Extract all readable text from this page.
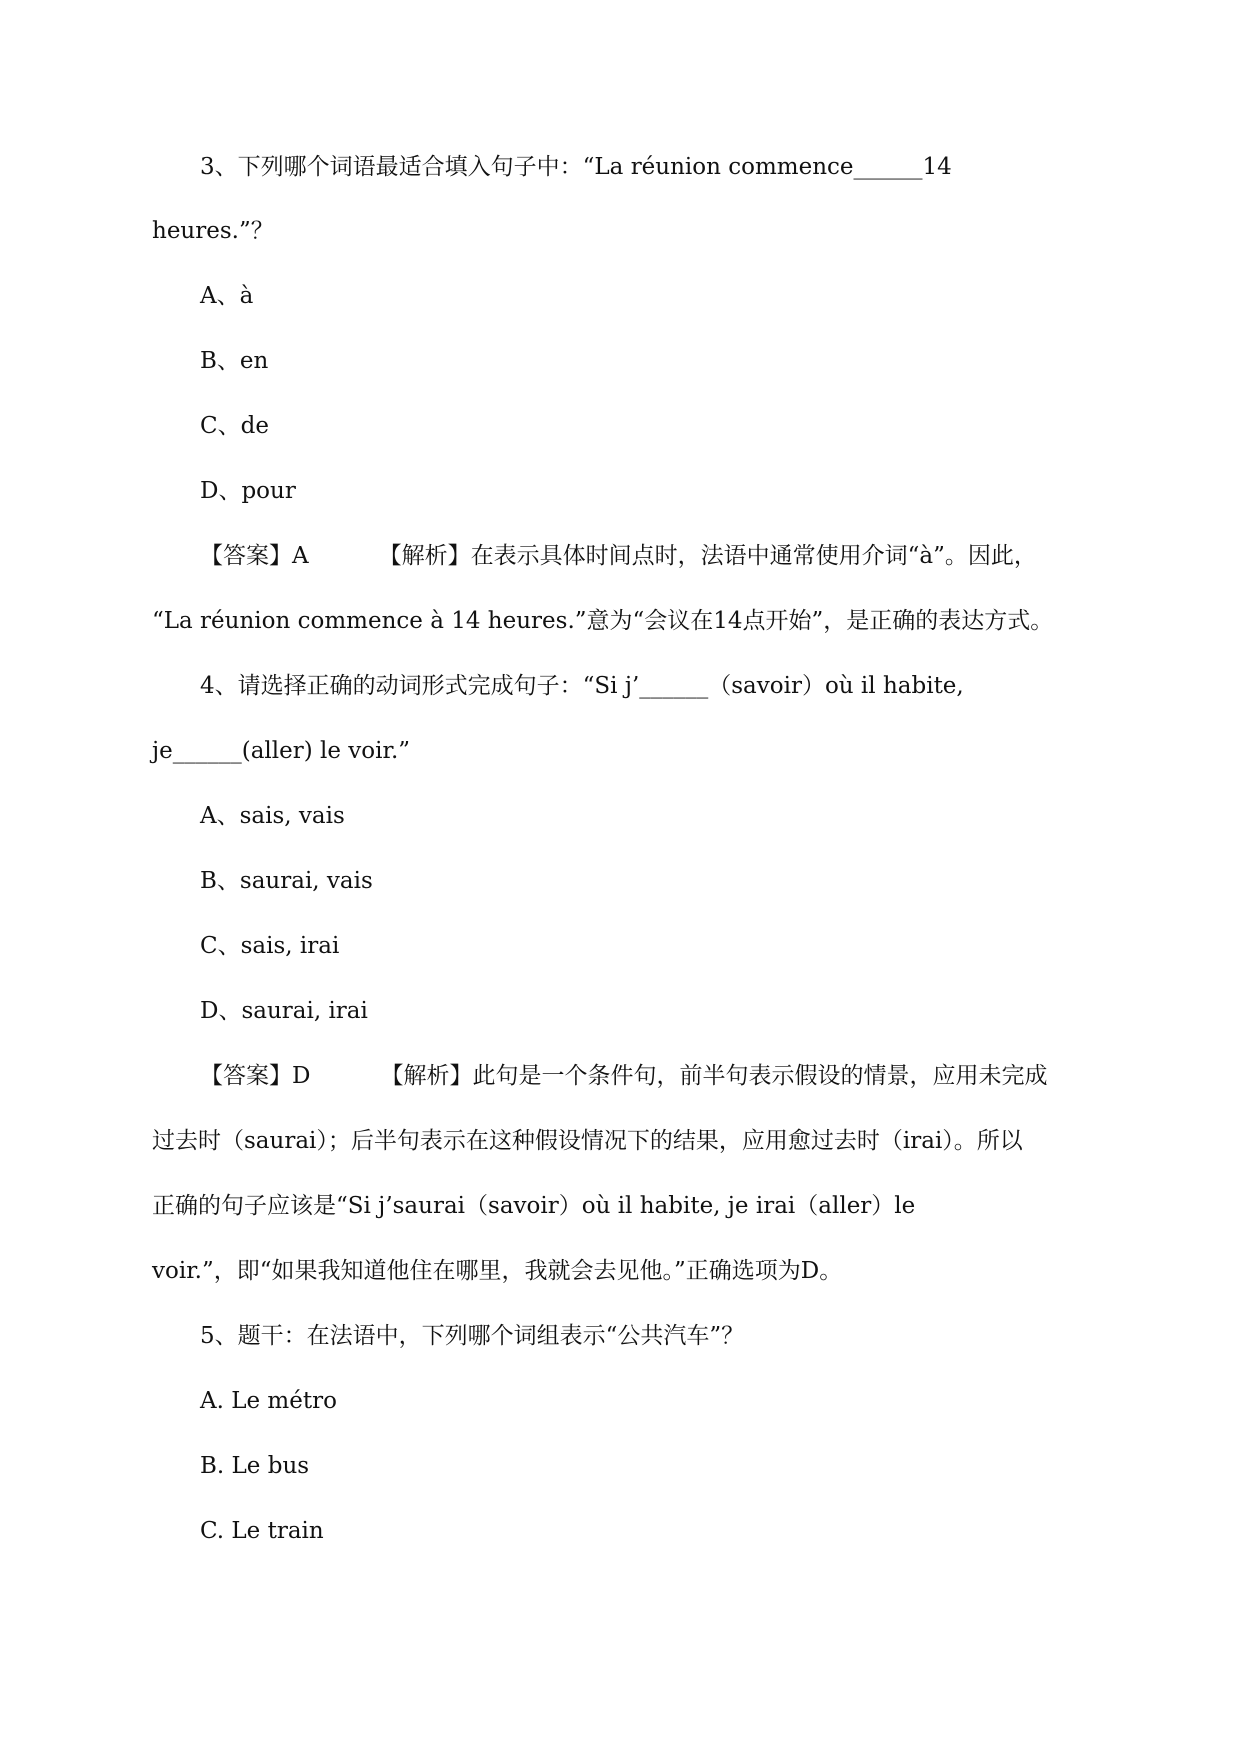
3、下列哪个词语最适合填入句子中：“La réunion commence______14
heures.”？
A、à
B、en
C、de
D、pour
【答案】A	【解析】在表示具体时间点时，法语中通常使用介词“à”。因此，
“La réunion commence à 14 heures.”意为“会议在14点开始”，是正确的表达方式。
4、请选择正确的动词形式完成句子：“Si j’______（savoir）où il habite,
je______(aller) le voir.”
A、sais, vais
B、saurai, vais
C、sais, irai
D、saurai, irai
【答案】D	【解析】此句是一个条件句，前半句表示假设的情景，应用未完成
过去时（saurai）；后半句表示在这种假设情况下的结果，应用愈过去时（irai）。所以
正确的句子应该是“Si j’saurai（savoir）où il habite, je irai（aller）le
voir.”，即“如果我知道他住在哪里，我就会去见他。”正确选项为D。
5、题干：在法语中，下列哪个词组表示“公共汽车”？
A. Le métro
B. Le bus
C. Le train
